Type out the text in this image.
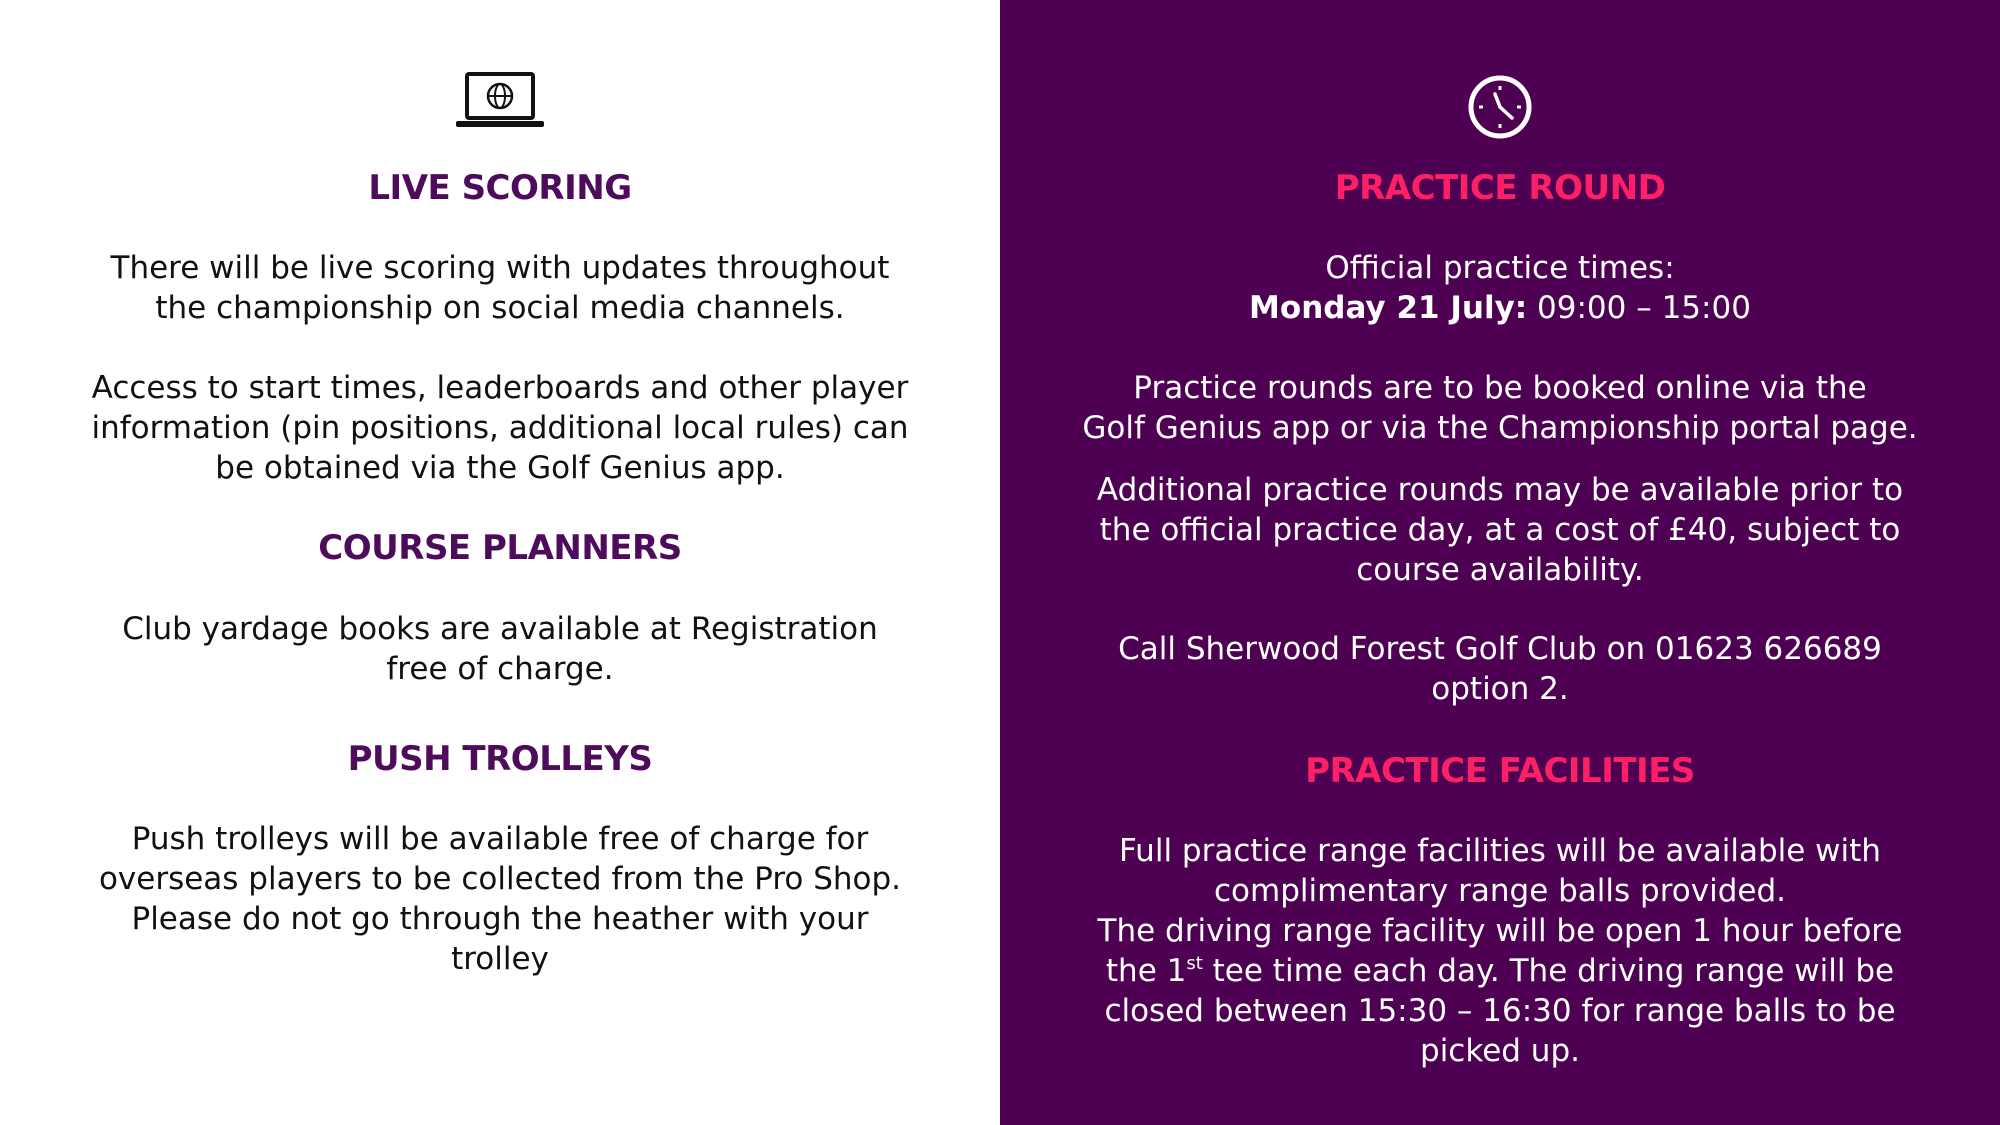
LIVE SCORING

There will be live scoring with updates throughout
the championship on social media channels.

Access to start times, leaderboards and other player
information (pin positions, additional local rules) can
be obtained via the Golf Genius app.

COURSE PLANNERS

Club yardage books are available at Registration
free of charge.

PUSH TROLLEYS

Push trolleys will be available free of charge for
overseas players to be collected from the Pro Shop.
Please do not go through the heather with your
trolley

PRACTICE ROUND

Official practice times:
Monday 21 July: 09:00 – 15:00

Practice rounds are to be booked online via the
Golf Genius app or via the Championship portal page.

Additional practice rounds may be available prior to
the official practice day, at a cost of £40, subject to
course availability.

Call Sherwood Forest Golf Club on 01623 626689
option 2.

PRACTICE FACILITIES

Full practice range facilities will be available with
complimentary range balls provided.
The driving range facility will be open 1 hour before
the 1st tee time each day. The driving range will be
closed between 15:30 – 16:30 for range balls to be
picked up.
